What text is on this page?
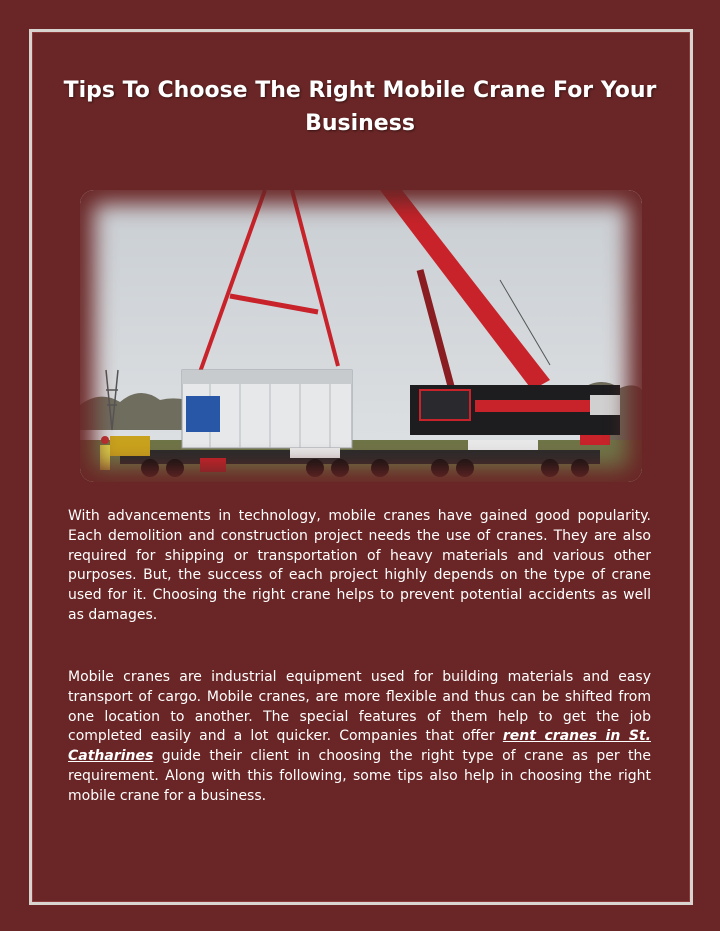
Tips To Choose The Right Mobile Crane For Your Business

With advancements in technology, mobile cranes have gained good popularity. Each demolition and construction project needs the use of cranes. They are also required for shipping or transportation of heavy materials and various other purposes. But, the success of each project highly depends on the type of crane used for it. Choosing the right crane helps to prevent potential accidents as well as damages.

Mobile cranes are industrial equipment used for building materials and easy transport of cargo. Mobile cranes, are more flexible and thus can be shifted from one location to another. The special features of them help to get the job completed easily and a lot quicker. Companies that offer rent cranes in St. Catharines guide their client in choosing the right type of crane as per the requirement. Along with this following, some tips also help in choosing the right mobile crane for a business.
